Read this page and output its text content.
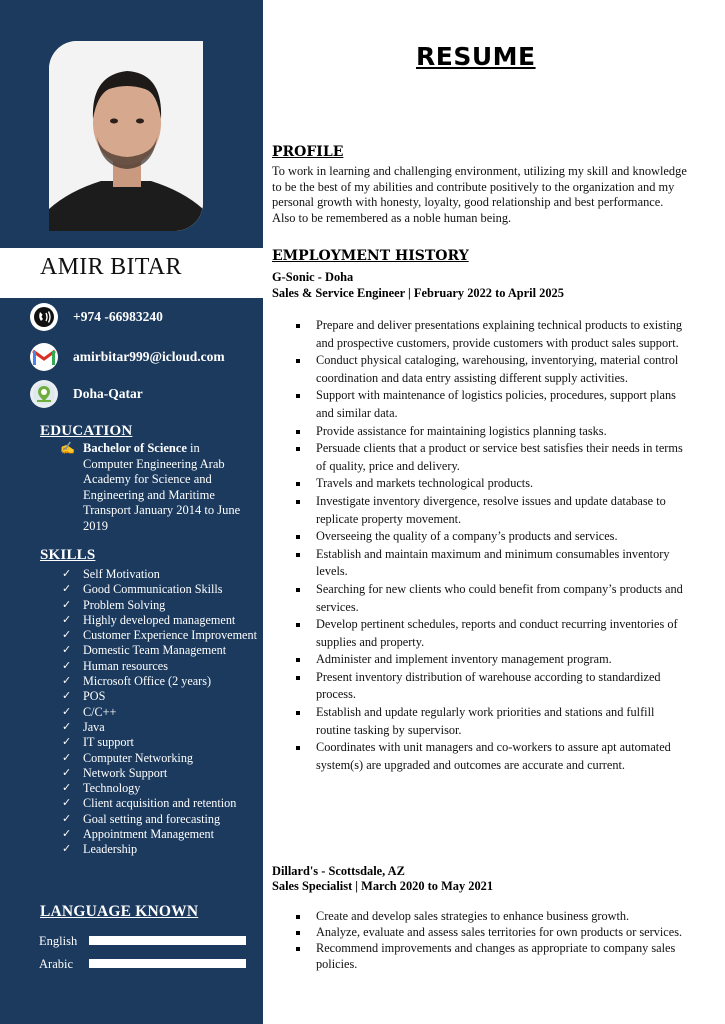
AMIR BITAR
+974 -66983240
amirbitar999@icloud.com
Doha-Qatar
EDUCATION
✍ Bachelor of Science in Computer Engineering Arab Academy for Science and Engineering and Maritime Transport January 2014 to June 2019
SKILLS
✓ Self Motivation
✓ Good Communication Skills
✓ Problem Solving
✓ Highly developed management
✓ Customer Experience Improvement
✓ Domestic Team Management
✓ Human resources
✓ Microsoft Office (2 years)
✓ POS
✓ C/C++
✓ Java
✓ IT support
✓ Computer Networking
✓ Network Support
✓ Technology
✓ Client acquisition and retention
✓ Goal setting and forecasting
✓ Appointment Management
✓ Leadership
LANGUAGE KNOWN
English
Arabic
RESUME
PROFILE
To work in learning and challenging environment, utilizing my skill and knowledge to be the best of my abilities and contribute positively to the organization and my personal growth with honesty, loyalty, good relationship and best performance. Also to be remembered as a noble human being.
EMPLOYMENT HISTORY
G-Sonic - Doha
Sales & Service Engineer | February 2022 to April 2025
Prepare and deliver presentations explaining technical products to existing and prospective customers, provide customers with product sales support.
Conduct physical cataloging, warehousing, inventorying, material control coordination and data entry assisting different supply activities.
Support with maintenance of logistics policies, procedures, support plans and similar data.
Provide assistance for maintaining logistics planning tasks.
Persuade clients that a product or service best satisfies their needs in terms of quality, price and delivery.
Travels and markets technological products.
Investigate inventory divergence, resolve issues and update database to replicate property movement.
Overseeing the quality of a company’s products and services.
Establish and maintain maximum and minimum consumables inventory levels.
Searching for new clients who could benefit from company’s products and services.
Develop pertinent schedules, reports and conduct recurring inventories of supplies and property.
Administer and implement inventory management program.
Present inventory distribution of warehouse according to standardized process.
Establish and update regularly work priorities and stations and fulfill routine tasking by supervisor.
Coordinates with unit managers and co-workers to assure apt automated system(s) are upgraded and outcomes are accurate and current.
Dillard's - Scottsdale, AZ
Sales Specialist | March 2020 to May 2021
Create and develop sales strategies to enhance business growth.
Analyze, evaluate and assess sales territories for own products or services.
Recommend improvements and changes as appropriate to company sales policies.
